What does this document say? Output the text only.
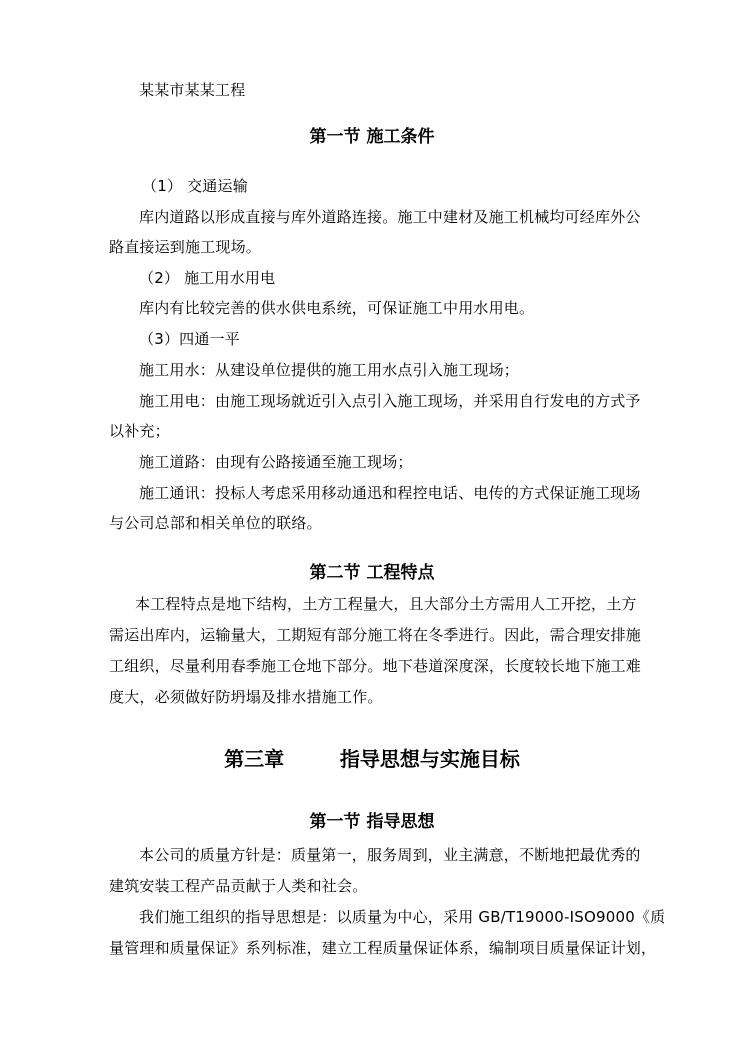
某某市某某工程
第一节 施工条件
（1） 交通运输
库内道路以形成直接与库外道路连接。施工中建材及施工机械均可经库外公
路直接运到施工现场。
（2） 施工用水用电
库内有比较完善的供水供电系统，可保证施工中用水用电。
（3）四通一平
施工用水：从建设单位提供的施工用水点引入施工现场；
施工用电：由施工现场就近引入点引入施工现场，并采用自行发电的方式予
以补充；
施工道路：由现有公路接通至施工现场；
施工通讯：投标人考虑采用移动通迅和程控电话、电传的方式保证施工现场
与公司总部和相关单位的联络。
第二节 工程特点
本工程特点是地下结构，土方工程量大，且大部分土方需用人工开挖，土方
需运出库内，运输量大，工期短有部分施工将在冬季进行。因此，需合理安排施
工组织，尽量利用春季施工仓地下部分。地下巷道深度深，长度较长地下施工难
度大，必须做好防坍塌及排水措施工作。
第三章        指导思想与实施目标
第一节 指导思想
本公司的质量方针是：质量第一，服务周到，业主满意，不断地把最优秀的
建筑安装工程产品贡献于人类和社会。
我们施工组织的指导思想是：以质量为中心，采用 GB/T19000-ISO9000《质
量管理和质量保证》系列标准，建立工程质量保证体系，编制项目质量保证计划，
